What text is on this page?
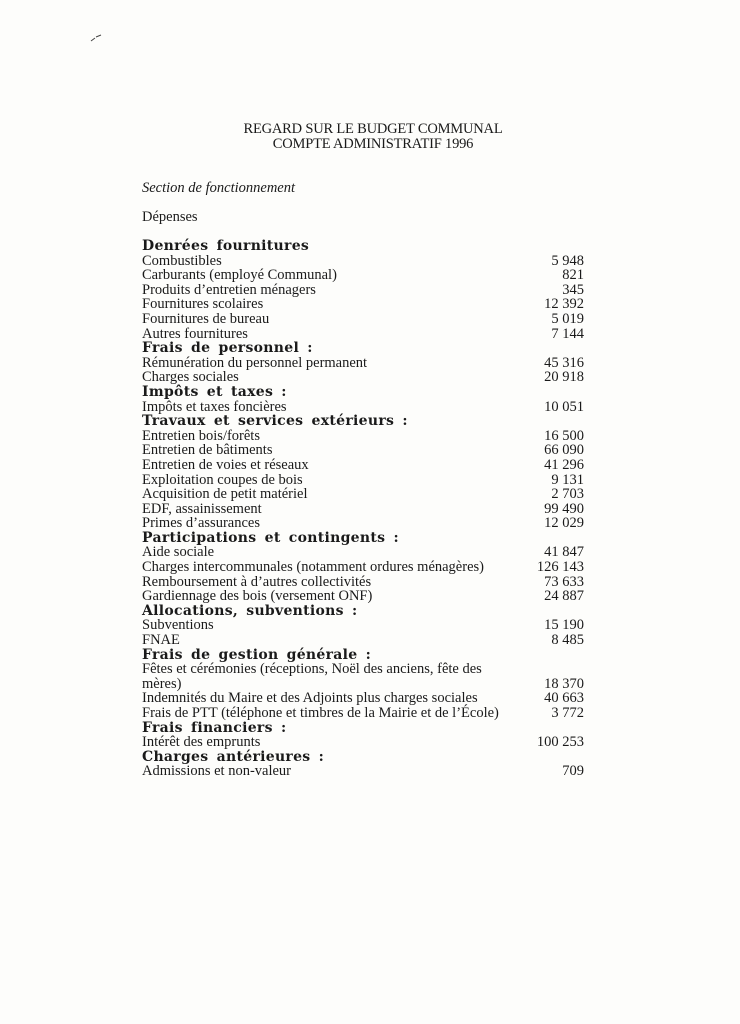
REGARD SUR LE BUDGET COMMUNAL
COMPTE ADMINISTRATIF 1996
Section de fonctionnement
Dépenses
Denrées fournitures
Combustibles	5 948
Carburants (employé Communal)	821
Produits d’entretien ménagers	345
Fournitures scolaires	12 392
Fournitures de bureau	5 019
Autres fournitures	7 144
Frais de personnel :
Rémunération du personnel permanent	45 316
Charges sociales	20 918
Impôts et taxes :
Impôts et taxes foncières	10 051
Travaux et services extérieurs :
Entretien bois/forêts	16 500
Entretien de bâtiments	66 090
Entretien de voies et réseaux	41 296
Exploitation coupes de bois	9 131
Acquisition de petit matériel	2 703
EDF, assainissement	99 490
Primes d’assurances	12 029
Participations et contingents :
Aide sociale	41 847
Charges intercommunales (notamment ordures ménagères)	126 143
Remboursement à d’autres collectivités	73 633
Gardiennage des bois (versement ONF)	24 887
Allocations, subventions :
Subventions	15 190
FNAE	8 485
Frais de gestion générale :
Fêtes et cérémonies (réceptions, Noël des anciens, fête des mères)	18 370
Indemnités du Maire et des Adjoints plus charges sociales	40 663
Frais de PTT (téléphone et timbres de la Mairie et de l’École)	3 772
Frais financiers :
Intérêt des emprunts	100 253
Charges antérieures :
Admissions et non-valeur	709
